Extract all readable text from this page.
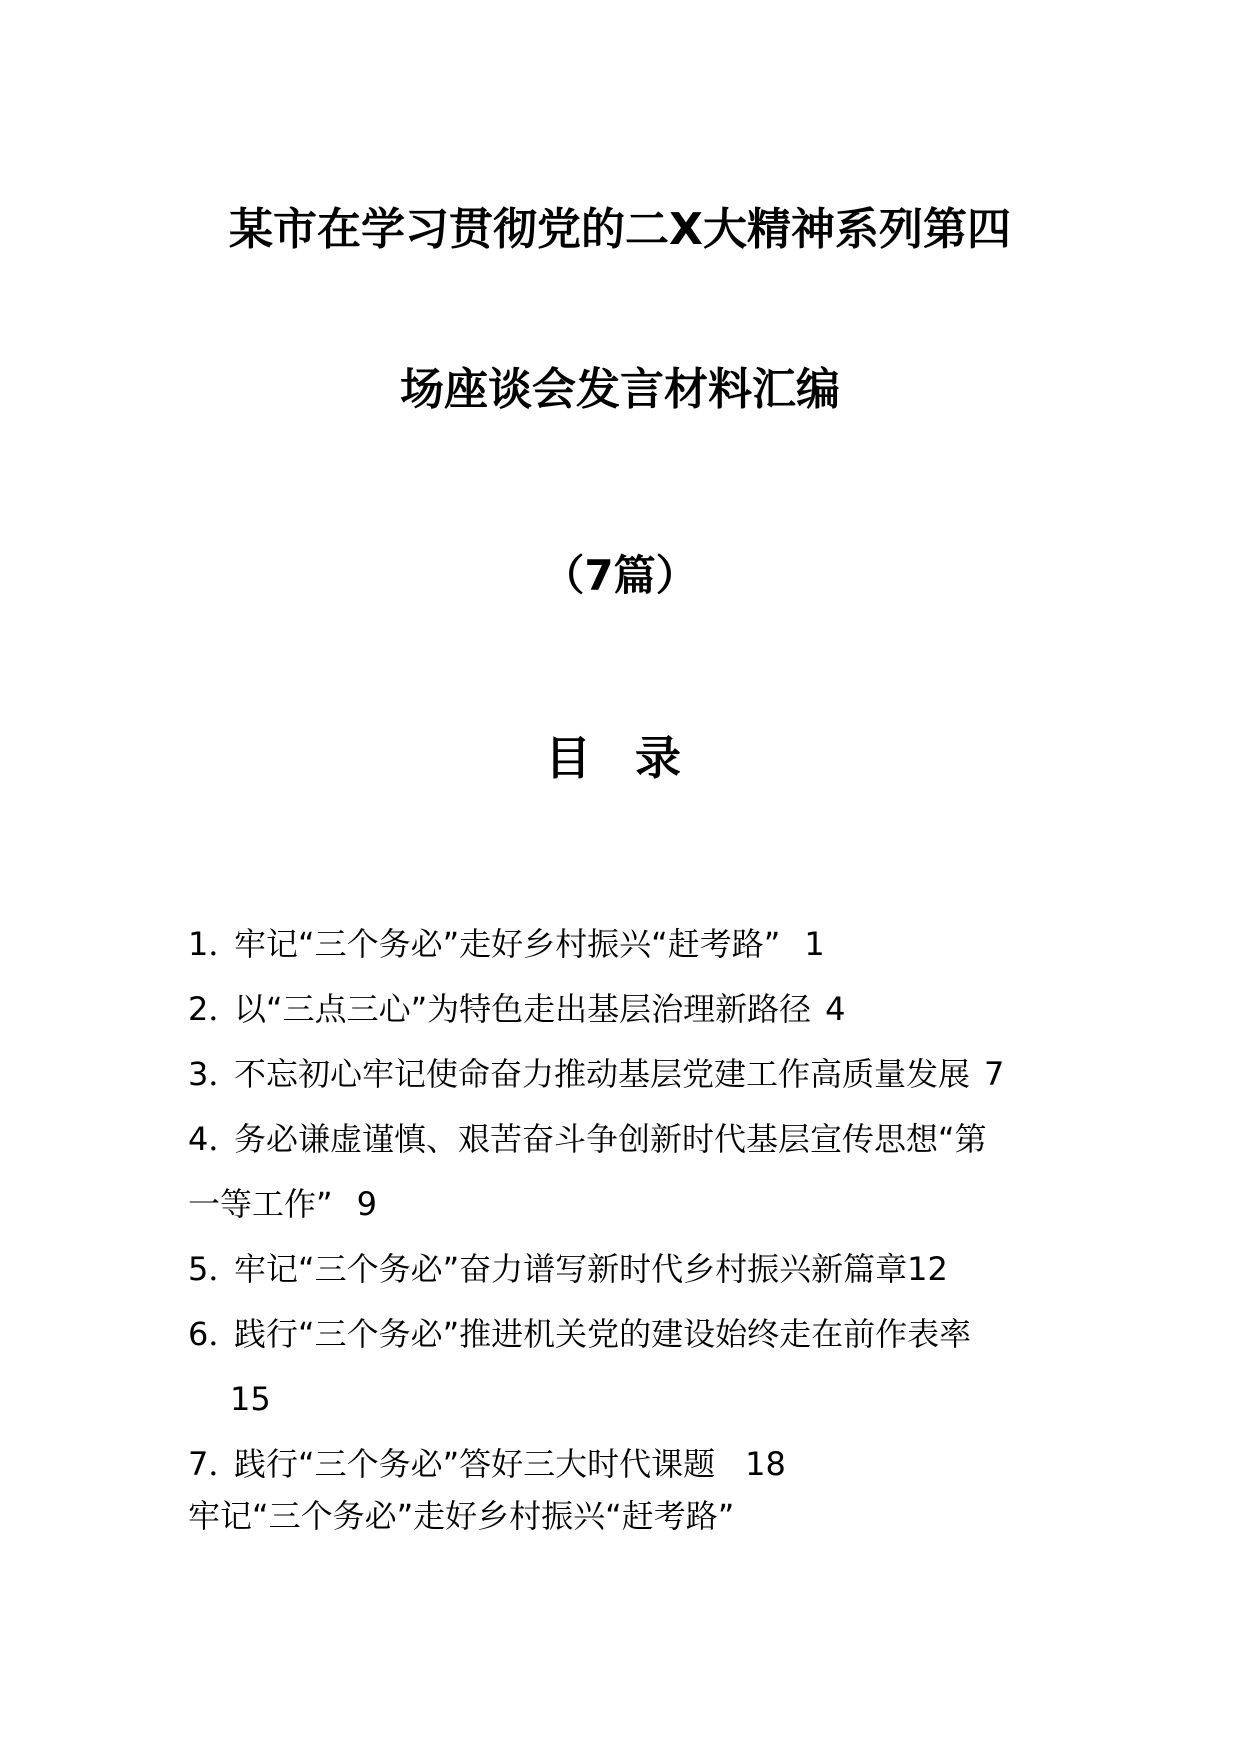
某市在学习贯彻党的二X大精神系列第四
场座谈会发言材料汇编
（7篇）
目 录
1．牢记“三个务必”走好乡村振兴“赶考路” 1
2．以“三点三心”为特色走出基层治理新路径 4
3．不忘初心牢记使命奋力推动基层党建工作高质量发展 7
4．务必谦虚谨慎、艰苦奋斗争创新时代基层宣传思想“第
一等工作” 9
5．牢记“三个务必”奋力谱写新时代乡村振兴新篇章12
6．践行“三个务必”推进机关党的建设始终走在前作表率
15
7．践行“三个务必”答好三大时代课题 18
牢记“三个务必”走好乡村振兴“赶考路”
